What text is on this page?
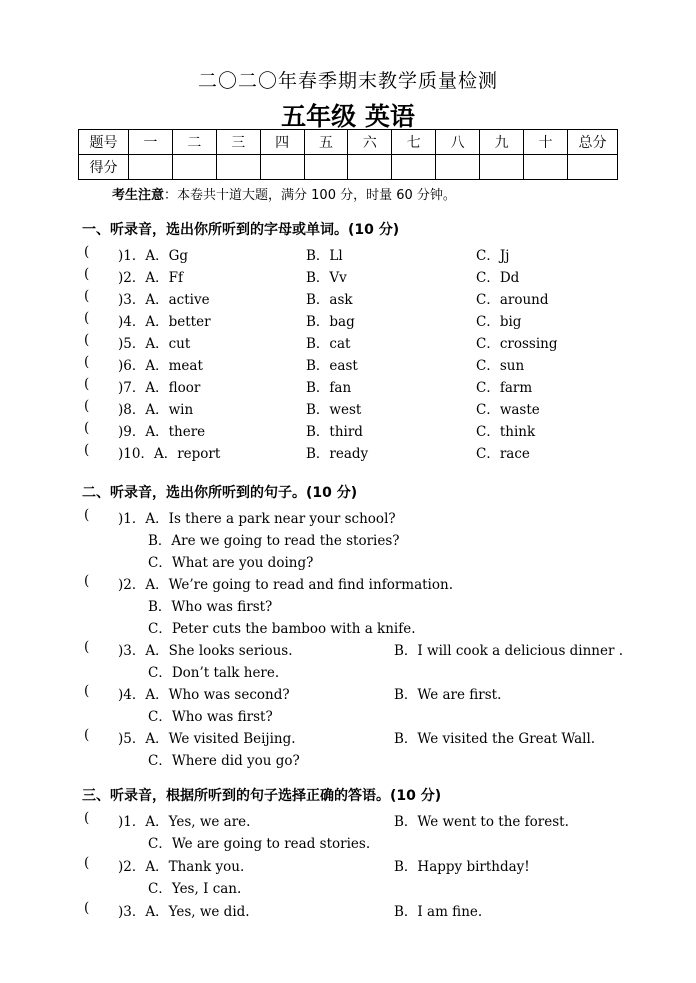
二〇二〇年春季期末教学质量检测
五年级 英语
题号	一	二	三	四	五	六	七	八	九	十	总分
得分											
考生注意：本卷共十道大题，满分 100 分，时量 60 分钟。
一、听录音，选出你所听到的字母或单词。(10 分)
( )1．A．Gg	B．Ll	C．Jj
( )2．A．Ff	B．Vv	C．Dd
( )3．A．active	B．ask	C．around
( )4．A．better	B．bag	C．big
( )5．A．cut	B．cat	C．crossing
( )6．A．meat	B．east	C．sun
( )7．A．floor	B．fan	C．farm
( )8．A．win	B．west	C．waste
( )9．A．there	B．third	C．think
( )10．A．report	B．ready	C．race
二、听录音，选出你所听到的句子。(10 分)
( )1．A．Is there a park near your school?
B．Are we going to read the stories?
C．What are you doing?
( )2．A．We’re going to read and find information.
B．Who was first?
C．Peter cuts the bamboo with a knife.
( )3．A．She looks serious.	B．I will cook a delicious dinner .
C．Don’t talk here.
( )4．A．Who was second?	B．We are first.
C．Who was first?
( )5．A．We visited Beijing.	B．We visited the Great Wall.
C．Where did you go?
三、听录音，根据所听到的句子选择正确的答语。(10 分)
( )1．A．Yes, we are.	B．We went to the forest.
C．We are going to read stories.
( )2．A．Thank you.	B．Happy birthday!
C．Yes, I can.
( )3．A．Yes, we did.	B．I am fine.
